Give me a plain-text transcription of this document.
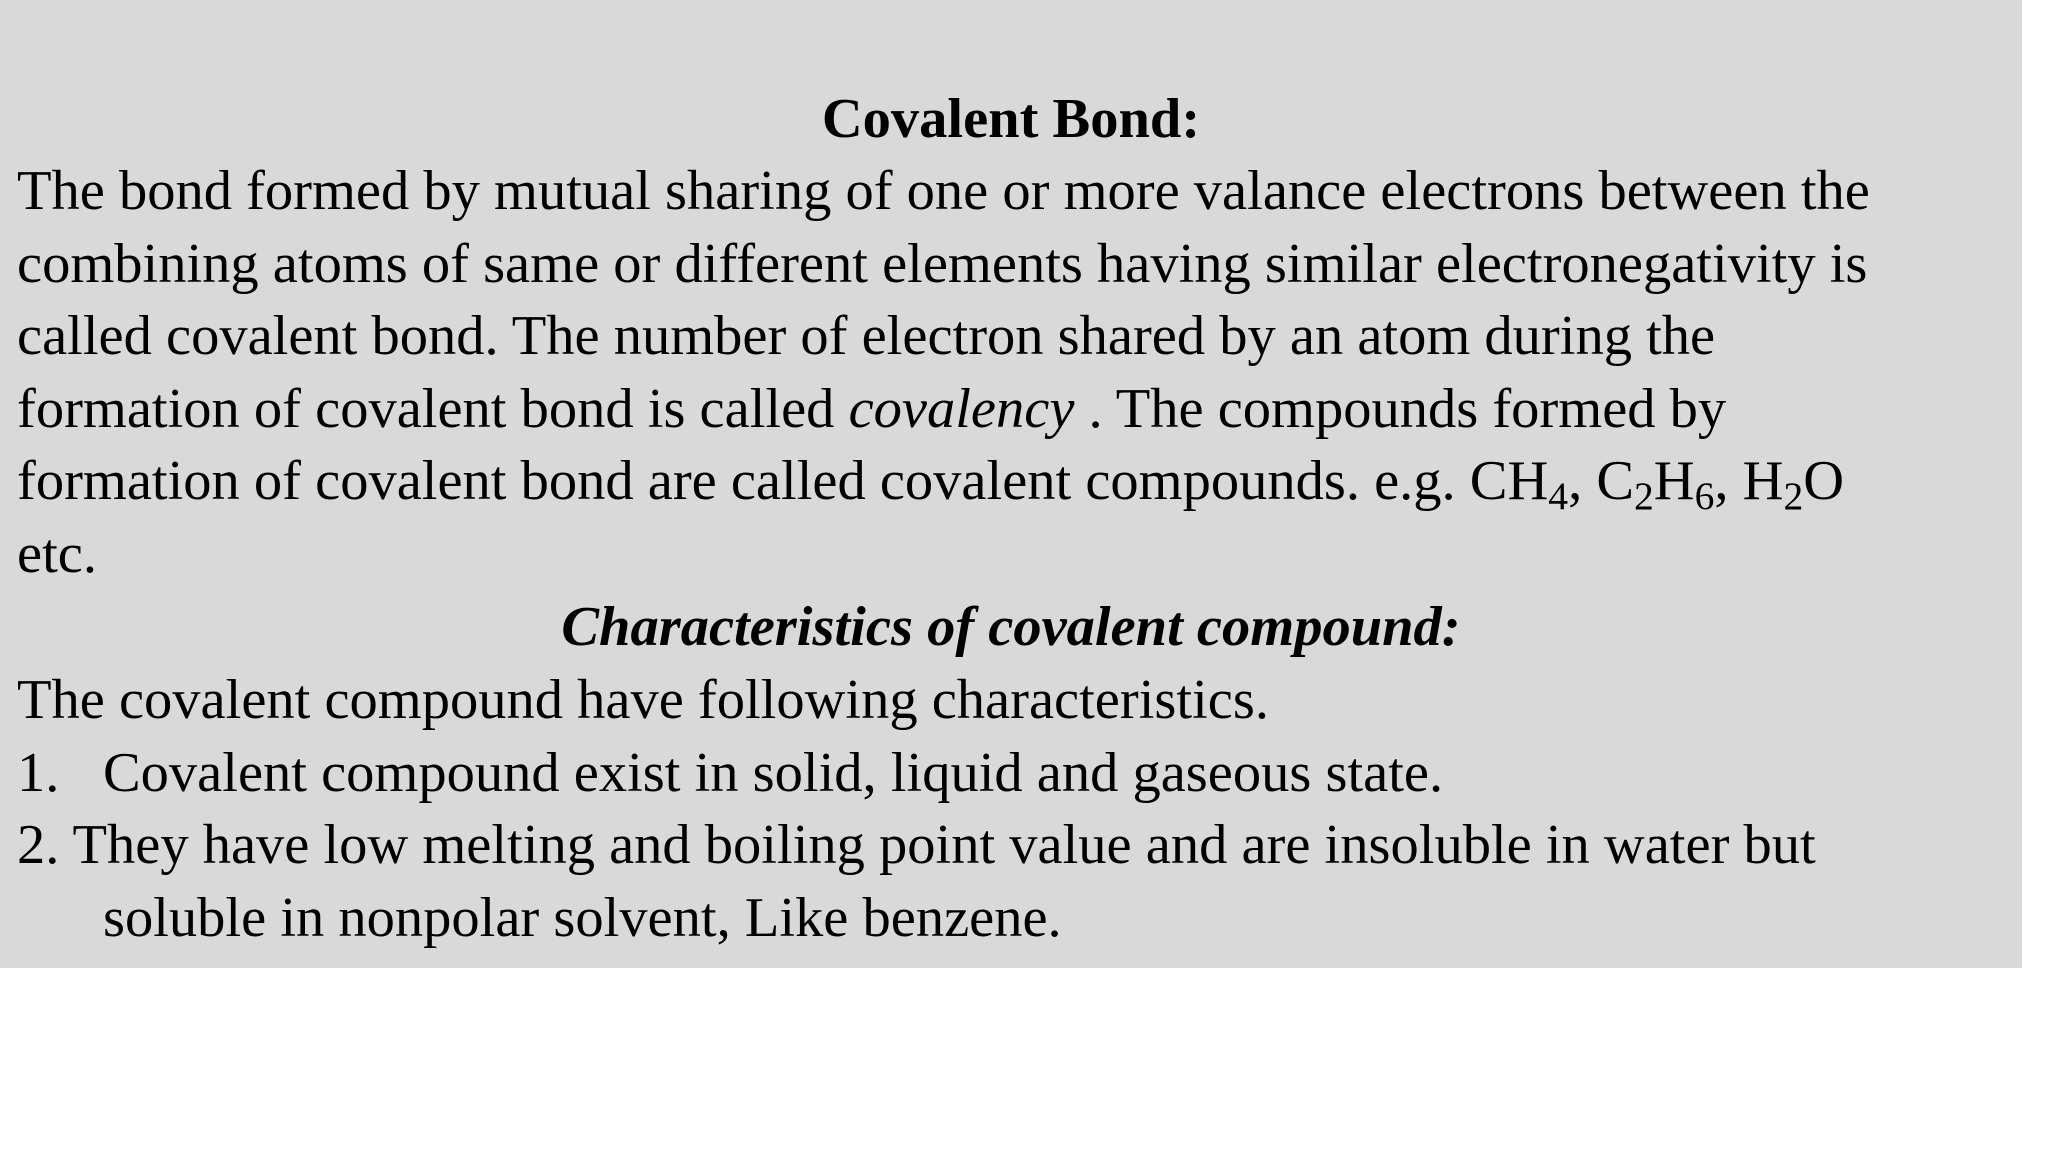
Covalent Bond:
The bond formed by mutual sharing of one or more valance electrons between the
combining atoms of same or different elements having similar electronegativity is
called covalent bond. The number of electron shared by an atom during the
formation of covalent bond is called covalency . The compounds formed by
formation of covalent bond are called covalent compounds. e.g. $CH_4$, $C_2H_6$, $H_2O$
etc.
Characteristics of covalent compound:
The covalent compound have following characteristics.
1. Covalent compound exist in solid, liquid and gaseous state.
2. They have low melting and boiling point value and are insoluble in water but
soluble in nonpolar solvent, Like benzene.
